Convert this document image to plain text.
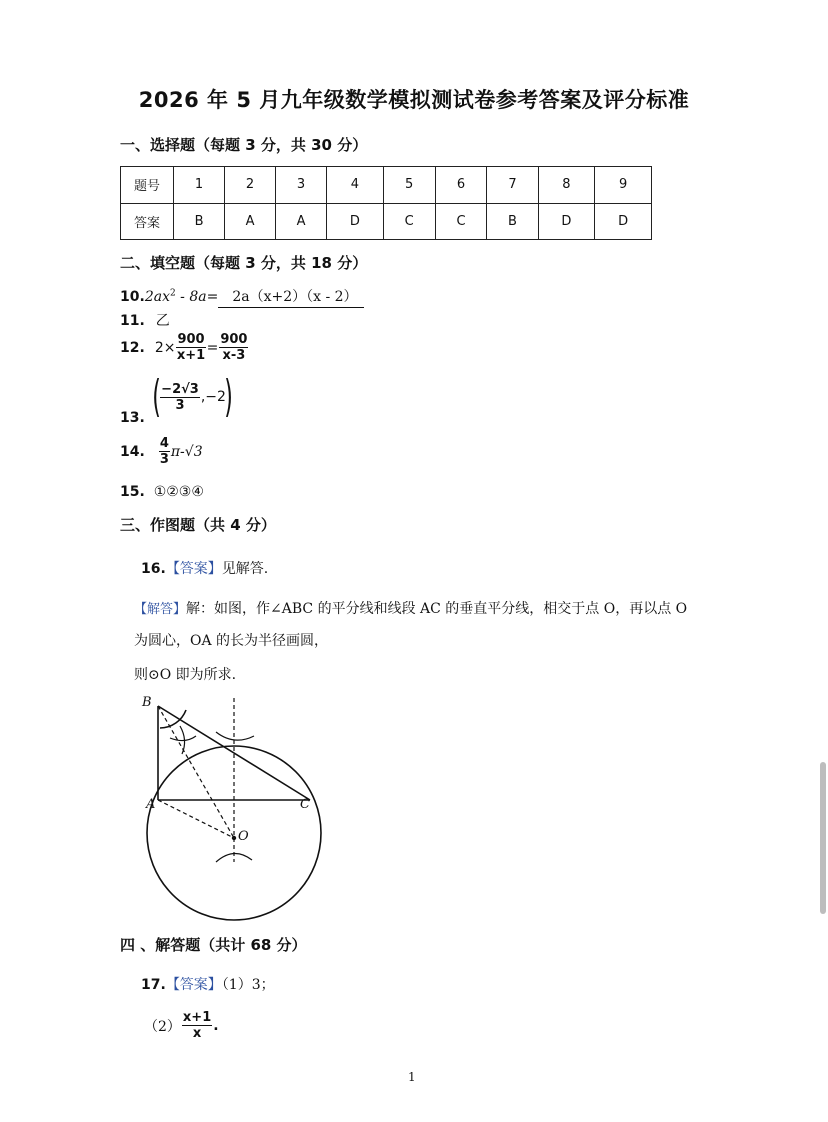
2026 年 5 月九年级数学模拟测试卷参考答案及评分标准
一、选择题（每题 3 分，共 30 分）
题号	1	2	3	4	5	6	7	8	9
答案	B	A	A	D	C	C	B	D	D
二、填空题（每题 3 分，共 18 分）
$10.2ax^2 - 8a= 2a(x+2)(x - 2)$
11. 乙
12. $2\times \frac{900}{x+1} = \frac{900}{x-3}$
( $\frac{-2√3}{3} ,-2$
)
13.
14. $\frac{4}{3} \pi-√3$
15. ①②③④
三、作图题（共 4 分）
16.【答案】见解答.
【解答】解：如图，作∠ABC 的平分线和线段 AC 的垂直平分线，相交于点 O，再以点 O
为圆心，OA 的长为半径画圆，
则⊙O 即为所求.
B
A	C
O
四 、解答题（共计 68 分）
17.【答案】（1）3；
$(2) \frac{x+1}{x}$ .
1
